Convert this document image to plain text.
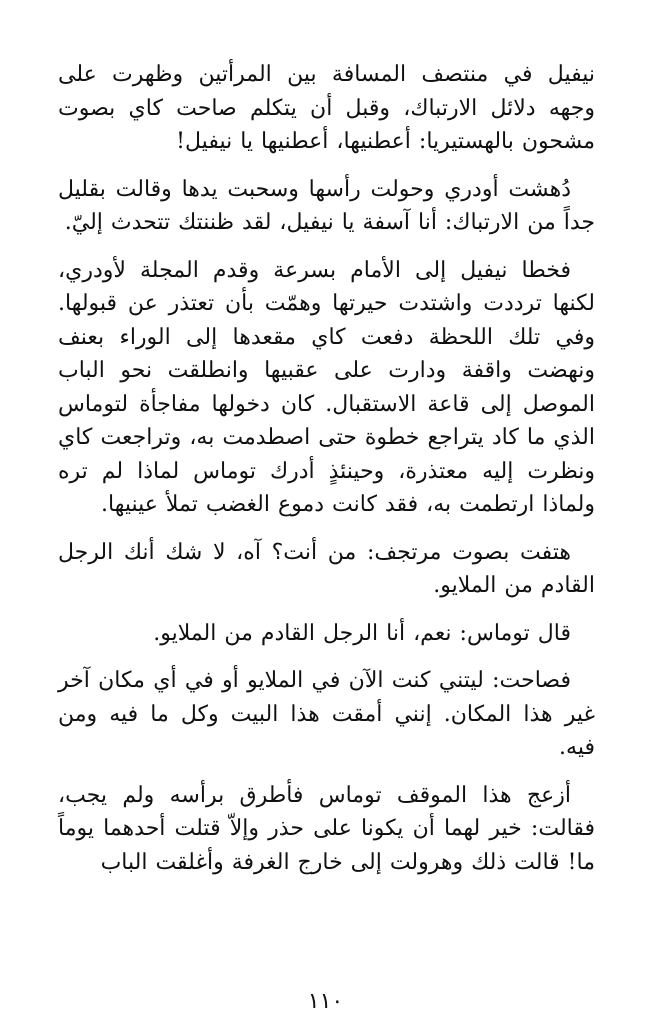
نيفيل في منتصف المسافة بين المرأتين وظهرت على وجهه دلائل الارتباك، وقبل أن يتكلم صاحت كاي بصوت مشحون بالهستيريا: أعطنيها، أعطنيها يا نيفيل!

دُهشت أودري وحولت رأسها وسحبت يدها وقالت بقليل جداً من الارتباك: أنا آسفة يا نيفيل، لقد ظننتك تتحدث إليّ.

فخطا نيفيل إلى الأمام بسرعة وقدم المجلة لأودري، لكنها ترددت واشتدت حيرتها وهمّت بأن تعتذر عن قبولها. وفي تلك اللحظة دفعت كاي مقعدها إلى الوراء بعنف ونهضت واقفة ودارت على عقبيها وانطلقت نحو الباب الموصل إلى قاعة الاستقبال. كان دخولها مفاجأة لتوماس الذي ما كاد يتراجع خطوة حتى اصطدمت به، وتراجعت كاي ونظرت إليه معتذرة، وحينئذٍ أدرك توماس لماذا لم تره ولماذا ارتطمت به، فقد كانت دموع الغضب تملأ عينيها.

هتفت بصوت مرتجف: من أنت؟ آه، لا شك أنك الرجل القادم من الملايو.

قال توماس: نعم، أنا الرجل القادم من الملايو.

فصاحت: ليتني كنت الآن في الملايو أو في أي مكان آخر غير هذا المكان. إنني أمقت هذا البيت وكل ما فيه ومن فيه.

أزعج هذا الموقف توماس فأطرق برأسه ولم يجب، فقالت: خير لهما أن يكونا على حذر وإلاّ قتلت أحدهما يوماً ما! قالت ذلك وهرولت إلى خارج الغرفة وأغلقت الباب

١١٠
